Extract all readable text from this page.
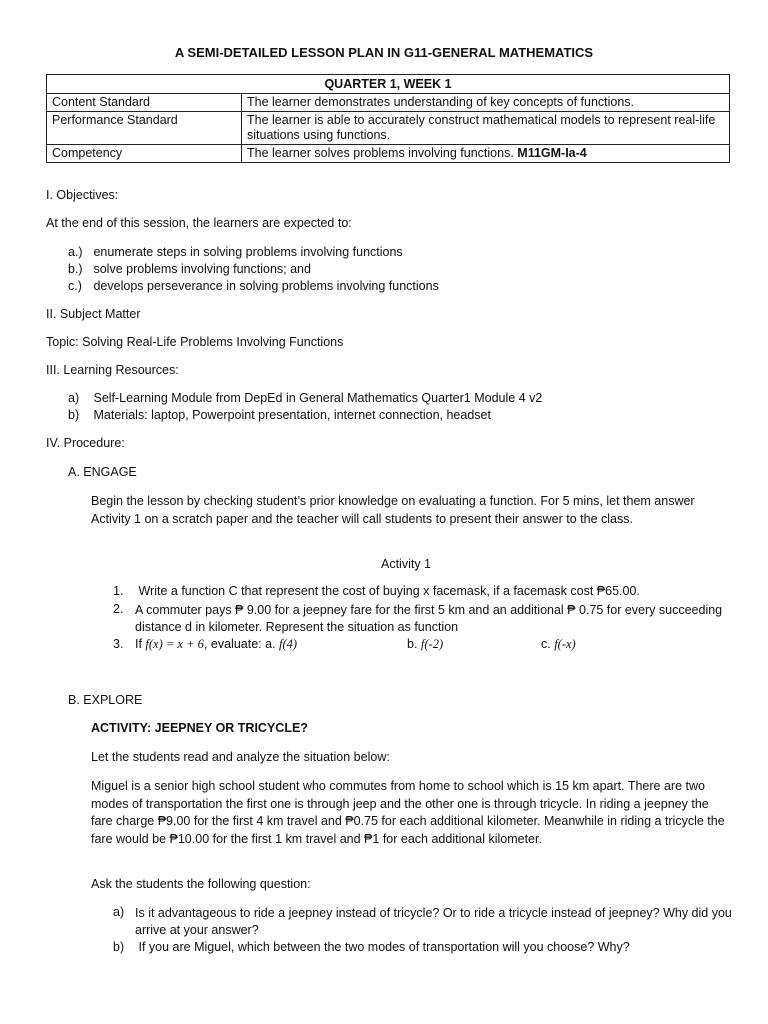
A SEMI-DETAILED LESSON PLAN IN G11-GENERAL MATHEMATICS
QUARTER 1, WEEK 1	
Content Standard	The learner demonstrates understanding of key concepts of functions.
Performance Standard	The learner is able to accurately construct mathematical models to represent real-life situations using functions.
Competency	The learner solves problems involving functions. M11GM-Ia-4
I. Objectives:
At the end of this session, the learners are expected to:
a.) enumerate steps in solving problems involving functions
b.) solve problems involving functions; and
c.) develops perseverance in solving problems involving functions
II. Subject Matter
Topic: Solving Real-Life Problems Involving Functions
III. Learning Resources:
a) Self-Learning Module from DepEd in General Mathematics Quarter1 Module 4 v2
b) Materials: laptop, Powerpoint presentation, internet connection, headset
IV. Procedure:
A. ENGAGE
Begin the lesson by checking student’s prior knowledge on evaluating a function. For 5 mins, let them answer Activity 1 on a scratch paper and the teacher will call students to present their answer to the class.
Activity 1
1. Write a function C that represent the cost of buying x facemask, if a facemask cost ₱65.00.
2. A commuter pays ₱ 9.00 for a jeepney fare for the first 5 km and an additional ₱ 0.75 for every succeeding distance d in kilometer. Represent the situation as function
3. If f(x) = x + 6, evaluate: a. f(4)	b. f(-2)	c. f(-x)
B. EXPLORE
ACTIVITY: JEEPNEY OR TRICYCLE?
Let the students read and analyze the situation below:
Miguel is a senior high school student who commutes from home to school which is 15 km apart. There are two modes of transportation the first one is through jeep and the other one is through tricycle. In riding a jeepney the fare charge ₱9.00 for the first 4 km travel and ₱0.75 for each additional kilometer. Meanwhile in riding a tricycle the fare would be ₱10.00 for the first 1 km travel and ₱1 for each additional kilometer.
Ask the students the following question:
a) Is it advantageous to ride a jeepney instead of tricycle? Or to ride a tricycle instead of jeepney? Why did you arrive at your answer?
b) If you are Miguel, which between the two modes of transportation will you choose? Why?
